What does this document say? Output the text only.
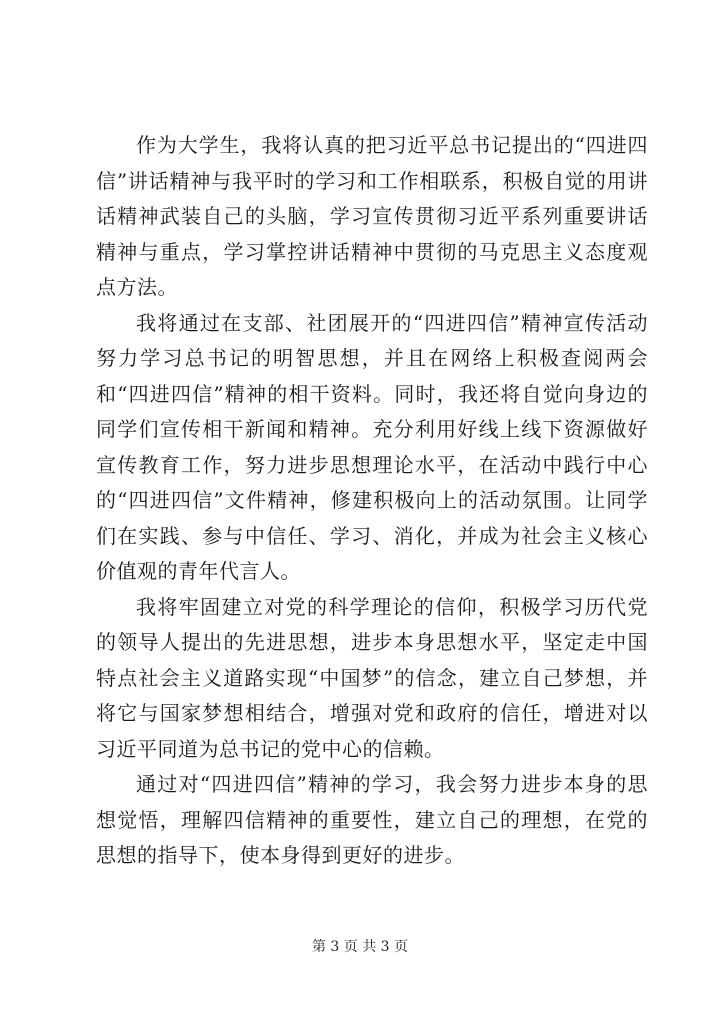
作为大学生，我将认真的把习近平总书记提出的“四进四信”讲话精神与我平时的学习和工作相联系，积极自觉的用讲话精神武装自己的头脑，学习宣传贯彻习近平系列重要讲话精神与重点，学习掌控讲话精神中贯彻的马克思主义态度观点方法。

我将通过在支部、社团展开的“四进四信”精神宣传活动努力学习总书记的明智思想，并且在网络上积极查阅两会和“四进四信”精神的相干资料。同时，我还将自觉向身边的同学们宣传相干新闻和精神。充分利用好线上线下资源做好宣传教育工作，努力进步思想理论水平，在活动中践行中心的“四进四信”文件精神，修建积极向上的活动氛围。让同学们在实践、参与中信任、学习、消化，并成为社会主义核心价值观的青年代言人。

我将牢固建立对党的科学理论的信仰，积极学习历代党的领导人提出的先进思想，进步本身思想水平，坚定走中国特点社会主义道路实现“中国梦”的信念，建立自己梦想，并将它与国家梦想相结合，增强对党和政府的信任，增进对以习近平同道为总书记的党中心的信赖。

通过对“四进四信”精神的学习，我会努力进步本身的思想觉悟，理解四信精神的重要性，建立自己的理想，在党的思想的指导下，使本身得到更好的进步。

第 3 页 共 3 页
